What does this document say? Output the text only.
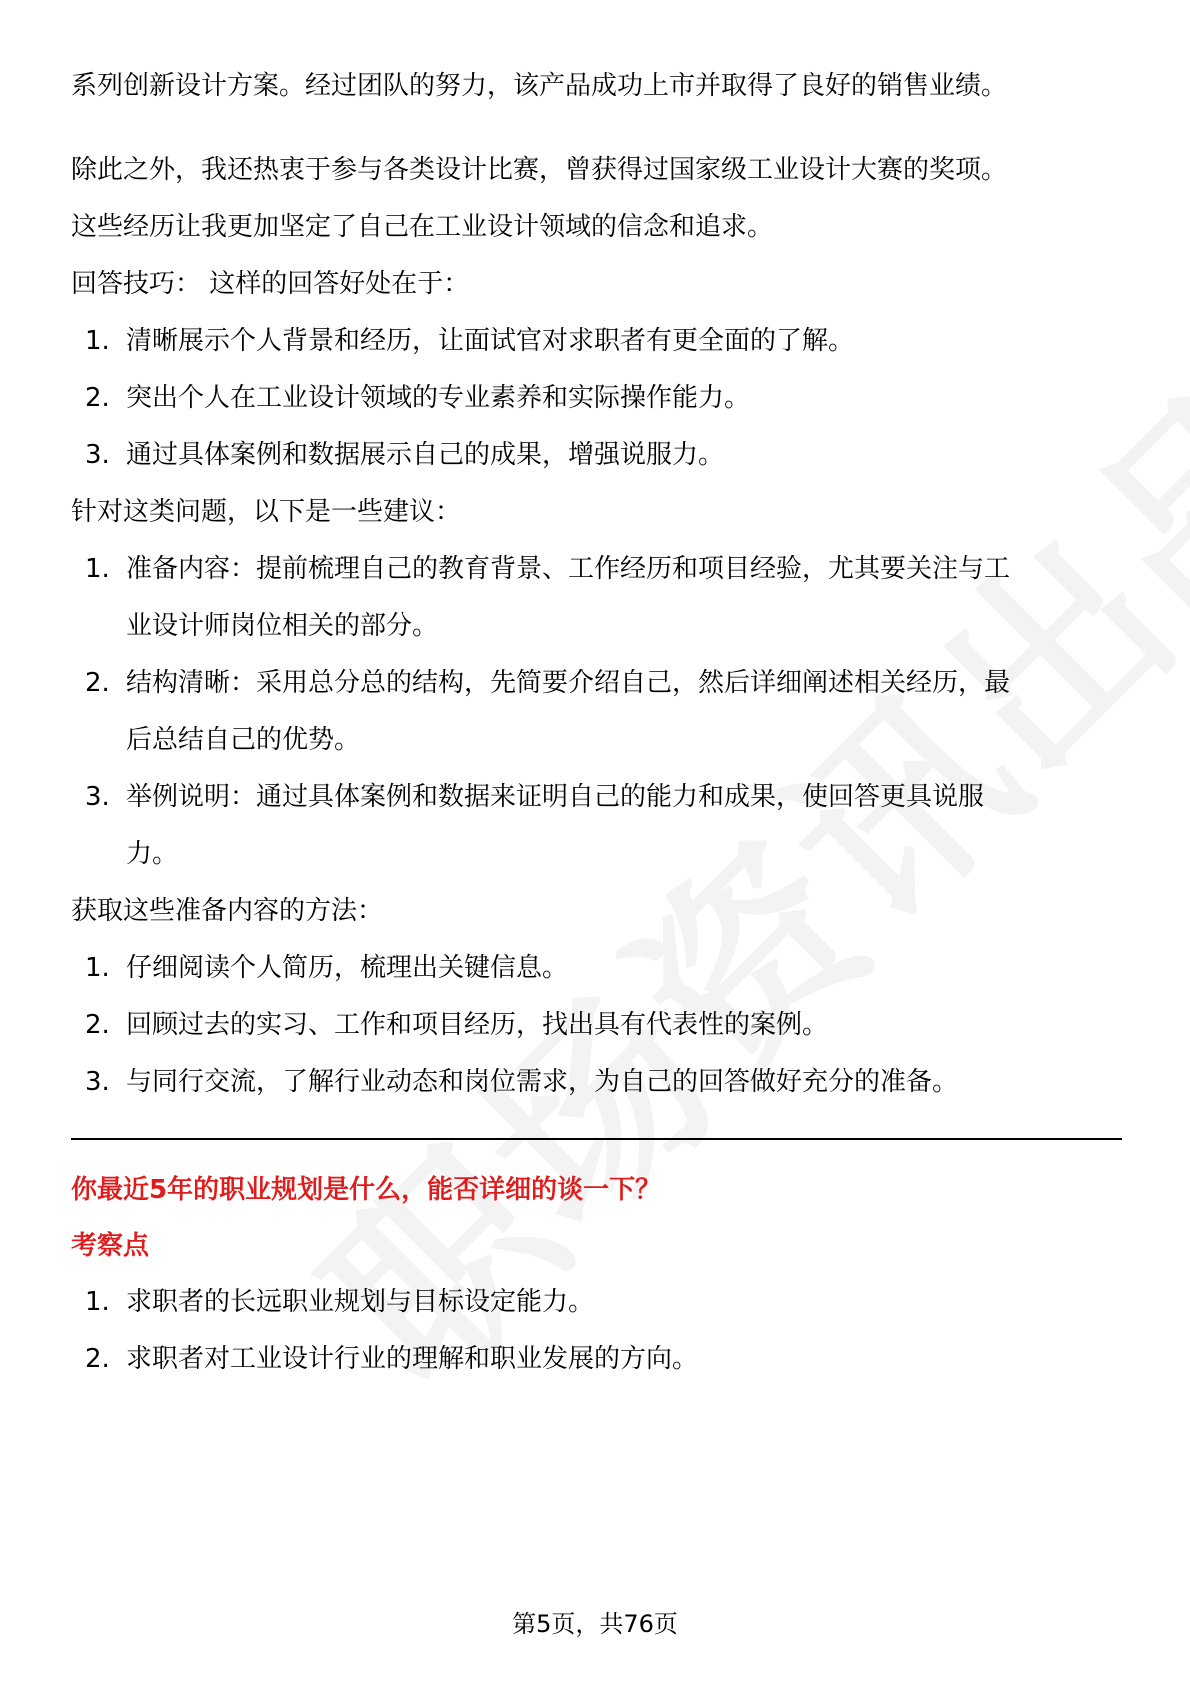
系列创新设计方案。经过团队的努力，该产品成功上市并取得了良好的销售业绩。

除此之外，我还热衷于参与各类设计比赛，曾获得过国家级工业设计大赛的奖项。

这些经历让我更加坚定了自己在工业设计领域的信念和追求。

回答技巧： 这样的回答好处在于：

1. 清晰展示个人背景和经历，让面试官对求职者有更全面的了解。
2. 突出个人在工业设计领域的专业素养和实际操作能力。
3. 通过具体案例和数据展示自己的成果，增强说服力。

针对这类问题，以下是一些建议：

1. 准备内容：提前梳理自己的教育背景、工作经历和项目经验，尤其要关注与工
业设计师岗位相关的部分。
2. 结构清晰：采用总分总的结构，先简要介绍自己，然后详细阐述相关经历，最
后总结自己的优势。
3. 举例说明：通过具体案例和数据来证明自己的能力和成果，使回答更具说服
力。

获取这些准备内容的方法：

1. 仔细阅读个人简历，梳理出关键信息。
2. 回顾过去的实习、工作和项目经历，找出具有代表性的案例。
3. 与同行交流，了解行业动态和岗位需求，为自己的回答做好充分的准备。
你最近5年的职业规划是什么，能否详细的谈一下？
考察点
1. 求职者的长远职业规划与目标设定能力。
2. 求职者对工业设计行业的理解和职业发展的方向。
第5页，共76页
